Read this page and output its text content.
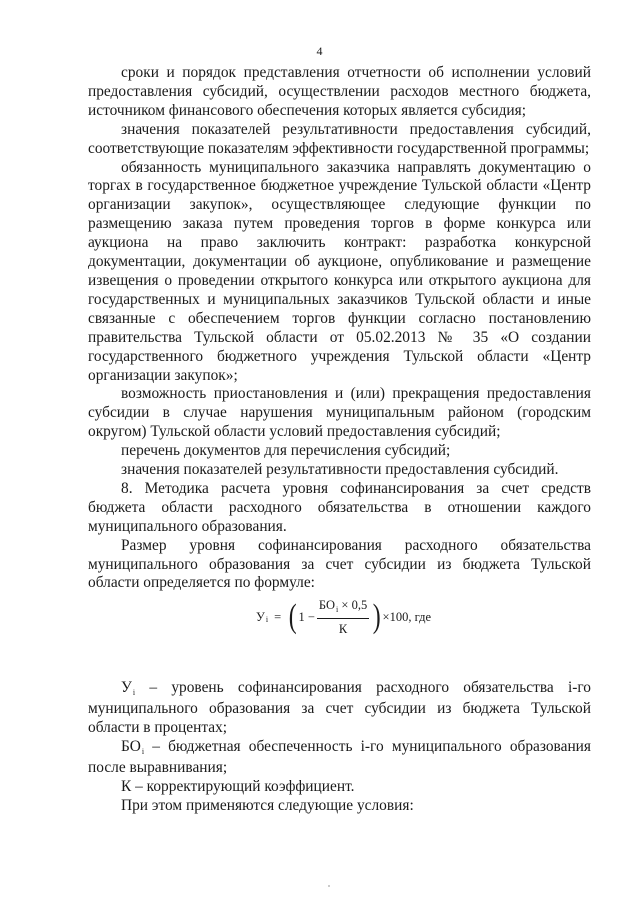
4

сроки и порядок представления отчетности об исполнении условий предоставления субсидий, осуществлении расходов местного бюджета, источником финансового обеспечения которых является субсидия;

значения показателей результативности предоставления субсидий, соответствующие показателям эффективности государственной программы;

обязанность муниципального заказчика направлять документацию о торгах в государственное бюджетное учреждение Тульской области «Центр организации закупок», осуществляющее следующие функции по размещению заказа путем проведения торгов в форме конкурса или аукциона на право заключить контракт: разработка конкурсной документации, документации об аукционе, опубликование и размещение извещения о проведении открытого конкурса или открытого аукциона для государственных и муниципальных заказчиков Тульской области и иные связанные с обеспечением торгов функции согласно постановлению правительства Тульской области от 05.02.2013 № 35 «О создании государственного бюджетного учреждения Тульской области «Центр организации закупок»;

возможность приостановления и (или) прекращения предоставления субсидии в случае нарушения муниципальным районом (городским округом) Тульской области условий предоставления субсидий;

перечень документов для перечисления субсидий;

значения показателей результативности предоставления субсидий.

8. Методика расчета уровня софинансирования за счет средств бюджета области расходного обязательства в отношении каждого муниципального образования.

Размер уровня софинансирования расходного обязательства муниципального образования за счет субсидии из бюджета Тульской области определяется по формуле:

У i = ( $1 - \frac{БО_i \times 0,5}{К}$ ) ×100, где

Уi – уровень софинансирования расходного обязательства i-го муниципального образования за счет субсидии из бюджета Тульской области в процентах;

БОi – бюджетная обеспеченность i-го муниципального образования после выравнивания;

К – корректирующий коэффициент.

При этом применяются следующие условия:
